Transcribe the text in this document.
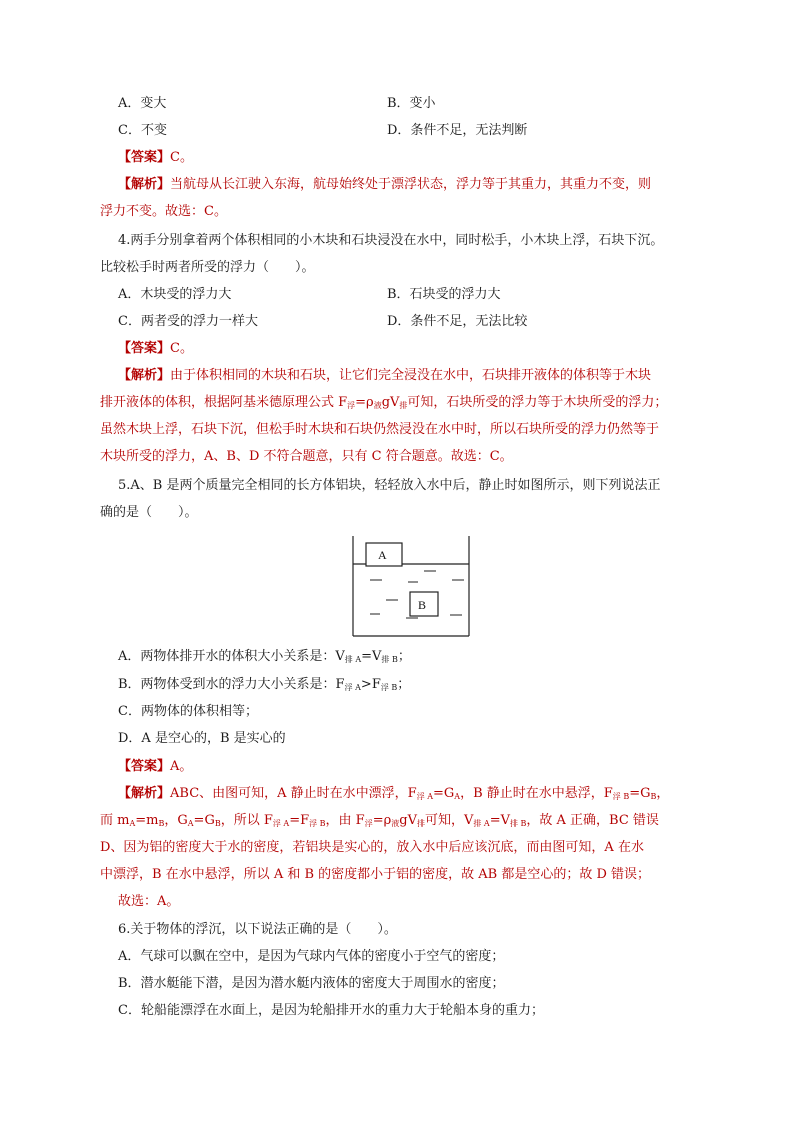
A．变大	B．变小
C．不变	D．条件不足，无法判断
【答案】C。
【解析】当航母从长江驶入东海，航母始终处于漂浮状态，浮力等于其重力，其重力不变，则
浮力不变。故选：C。
4.两手分别拿着两个体积相同的小木块和石块浸没在水中，同时松手，小木块上浮，石块下沉。
比较松手时两者所受的浮力（　　）。
A．木块受的浮力大	B．石块受的浮力大
C．两者受的浮力一样大	D．条件不足，无法比较
【答案】C。
【解析】由于体积相同的木块和石块，让它们完全浸没在水中，石块排开液体的体积等于木块
排开液体的体积，根据阿基米德原理公式 $F_浮=\rho_液gV_排$可知，石块所受的浮力等于木块所受的浮力；
虽然木块上浮，石块下沉，但松手时木块和石块仍然浸没在水中时，所以石块所受的浮力仍然等于
木块所受的浮力，A、B、D 不符合题意，只有 C 符合题意。故选：C。
5.A、B 是两个质量完全相同的长方体铝块，轻轻放入水中后，静止时如图所示，则下列说法正
确的是（　　）。
A
B
A．两物体排开水的体积大小关系是：$V_{排 A}=V_{排 B}$；
B．两物体受到水的浮力大小关系是：$F_{浮 A}>F_{浮 B}$；
C．两物体的体积相等；
D．A 是空心的，B 是实心的
【答案】A。
【解析】ABC、由图可知，A 静止时在水中漂浮，$F_{浮 A}=G_A$，B 静止时在水中悬浮，$F_{浮 B}=G_B$，
而 $m_A=m_B$，$G_A=G_B$，所以 $F_{浮 A}=F_{浮 B}$，由 $F_浮=\rho_液gV_排$可知，$V_{排 A}=V_{排 B}$，故 A 正确，BC 错误
D、因为铝的密度大于水的密度，若铝块是实心的，放入水中后应该沉底，而由图可知，A 在水
中漂浮，B 在水中悬浮，所以 A 和 B 的密度都小于铝的密度，故 AB 都是空心的；故 D 错误；
故选：A。
6.关于物体的浮沉，以下说法正确的是（　　）。
A．气球可以飘在空中，是因为气球内气体的密度小于空气的密度；
B．潜水艇能下潜，是因为潜水艇内液体的密度大于周围水的密度；
C．轮船能漂浮在水面上，是因为轮船排开水的重力大于轮船本身的重力；
